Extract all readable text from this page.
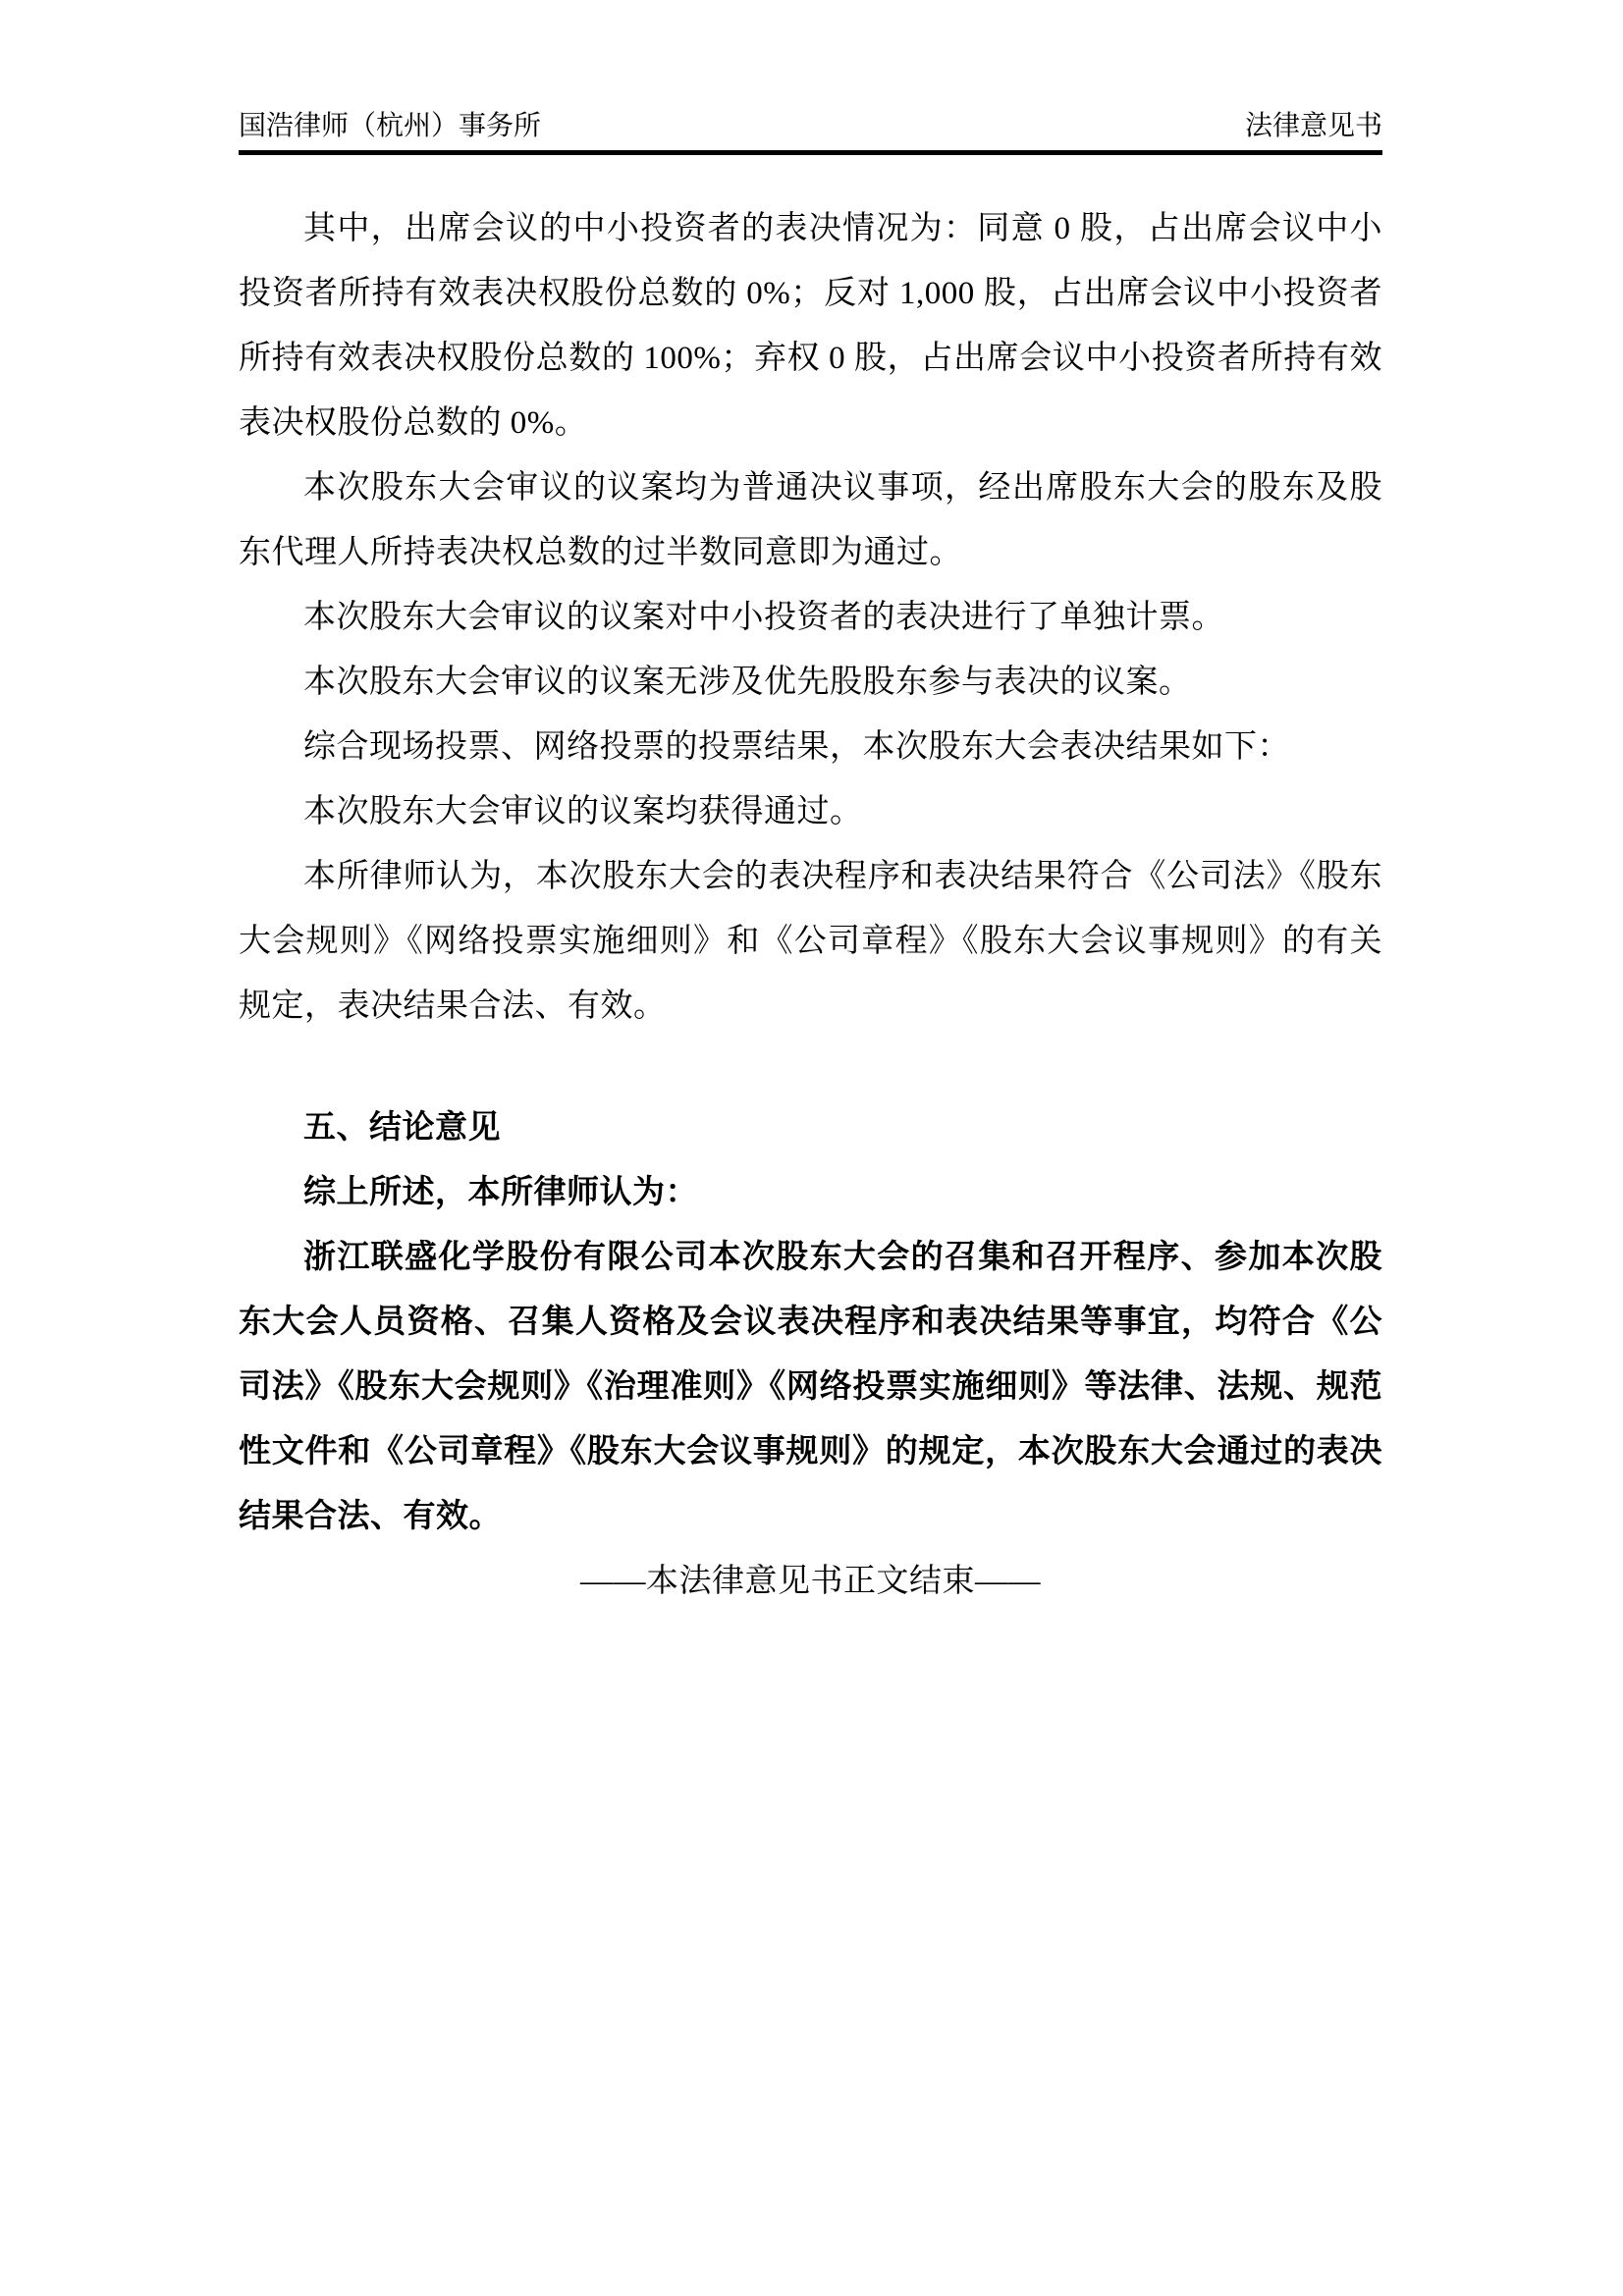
国浩律师（杭州）事务所	法律意见书

其中，出席会议的中小投资者的表决情况为：同意 0 股，占出席会议中小投资者所持有效表决权股份总数的 0%；反对 1,000 股，占出席会议中小投资者所持有效表决权股份总数的 100%；弃权 0 股，占出席会议中小投资者所持有效表决权股份总数的 0%。

本次股东大会审议的议案均为普通决议事项，经出席股东大会的股东及股东代理人所持表决权总数的过半数同意即为通过。

本次股东大会审议的议案对中小投资者的表决进行了单独计票。

本次股东大会审议的议案无涉及优先股股东参与表决的议案。

综合现场投票、网络投票的投票结果，本次股东大会表决结果如下：

本次股东大会审议的议案均获得通过。

本所律师认为，本次股东大会的表决程序和表决结果符合《公司法》《股东大会规则》《网络投票实施细则》和《公司章程》《股东大会议事规则》的有关规定，表决结果合法、有效。

五、结论意见

综上所述，本所律师认为：

浙江联盛化学股份有限公司本次股东大会的召集和召开程序、参加本次股东大会人员资格、召集人资格及会议表决程序和表决结果等事宜，均符合《公司法》《股东大会规则》《治理准则》《网络投票实施细则》等法律、法规、规范性文件和《公司章程》《股东大会议事规则》的规定，本次股东大会通过的表决结果合法、有效。

——本法律意见书正文结束——
